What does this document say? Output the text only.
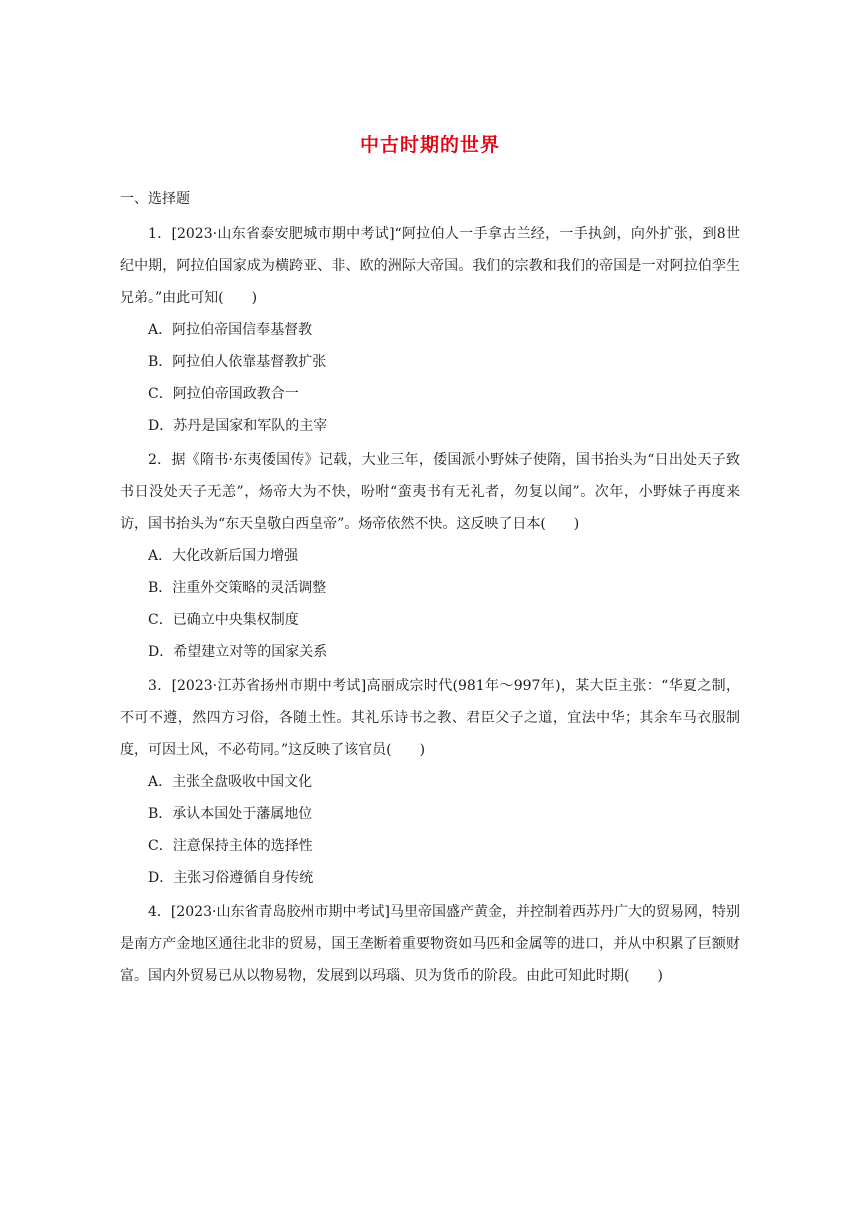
中古时期的世界
一、选择题

1．[2023·山东省泰安肥城市期中考试]“阿拉伯人一手拿古兰经，一手执剑，向外扩张，到8世纪中期，阿拉伯国家成为横跨亚、非、欧的洲际大帝国。我们的宗教和我们的帝国是一对阿拉伯孪生兄弟。”由此可知(　　)

A．阿拉伯帝国信奉基督教

B．阿拉伯人依靠基督教扩张

C．阿拉伯帝国政教合一

D．苏丹是国家和军队的主宰

2．据《隋书·东夷倭国传》记载，大业三年，倭国派小野妹子使隋，国书抬头为“日出处天子致书日没处天子无恙”，炀帝大为不快，吩咐“蛮夷书有无礼者，勿复以闻”。次年，小野妹子再度来访，国书抬头为“东天皇敬白西皇帝”。炀帝依然不快。这反映了日本(　　)

A．大化改新后国力增强

B．注重外交策略的灵活调整

C．已确立中央集权制度

D．希望建立对等的国家关系

3．[2023·江苏省扬州市期中考试]高丽成宗时代(981年～997年)，某大臣主张：“华夏之制，不可不遵，然四方习俗，各随土性。其礼乐诗书之教、君臣父子之道，宜法中华；其余车马衣服制度，可因土风，不必苟同。”这反映了该官员(　　)

A．主张全盘吸收中国文化

B．承认本国处于藩属地位

C．注意保持主体的选择性

D．主张习俗遵循自身传统

4．[2023·山东省青岛胶州市期中考试]马里帝国盛产黄金，并控制着西苏丹广大的贸易网，特别是南方产金地区通往北非的贸易，国王垄断着重要物资如马匹和金属等的进口，并从中积累了巨额财富。国内外贸易已从以物易物，发展到以玛瑙、贝为货币的阶段。由此可知此时期(　　)
